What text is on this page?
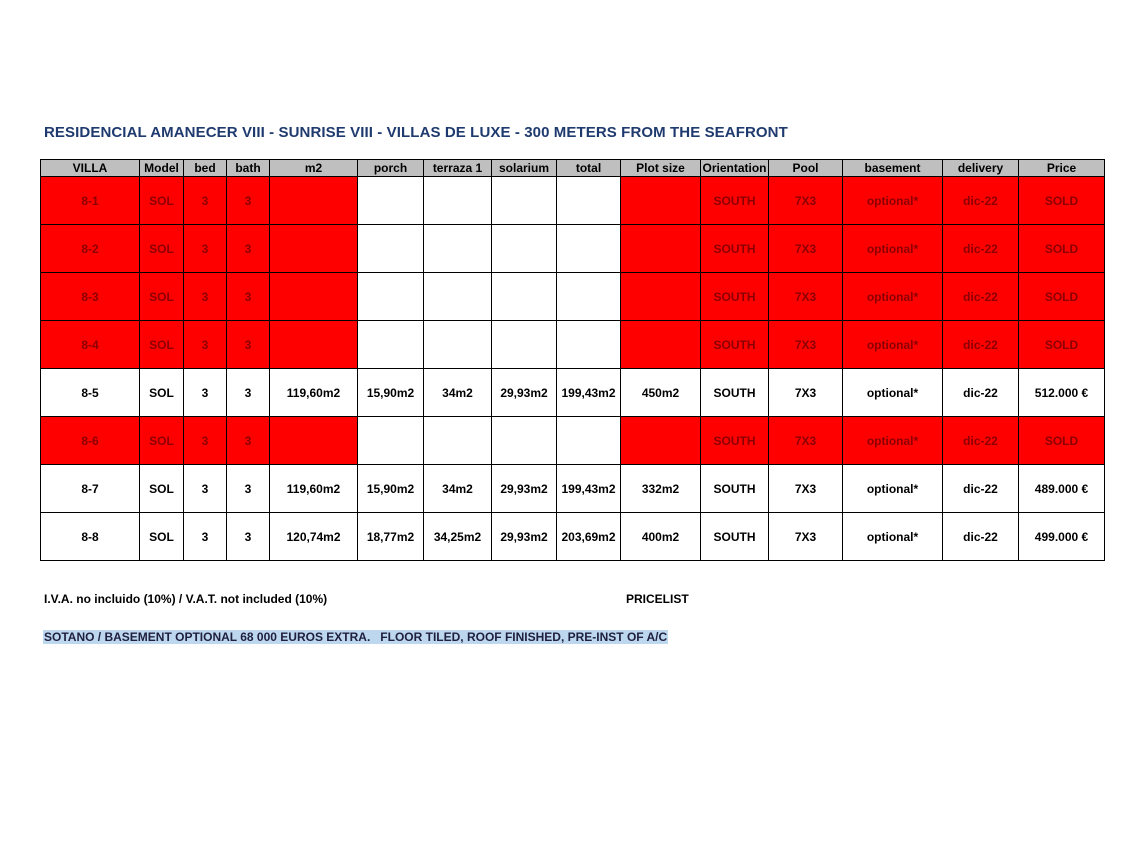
RESIDENCIAL AMANECER VIII - SUNRISE VIII - VILLAS DE LUXE - 300 METERS FROM THE SEAFRONT
VILLA	Model	bed	bath	m2	porch	terraza 1	solarium	total	Plot size	Orientation	Pool	basement	delivery	Price
8-1	SOL	3	3							SOUTH	7X3	optional*	dic-22	SOLD
8-2	SOL	3	3							SOUTH	7X3	optional*	dic-22	SOLD
8-3	SOL	3	3							SOUTH	7X3	optional*	dic-22	SOLD
8-4	SOL	3	3							SOUTH	7X3	optional*	dic-22	SOLD
8-5	SOL	3	3	119,60m2	15,90m2	34m2	29,93m2	199,43m2	450m2	SOUTH	7X3	optional*	dic-22	512.000 €
8-6	SOL	3	3							SOUTH	7X3	optional*	dic-22	SOLD
8-7	SOL	3	3	119,60m2	15,90m2	34m2	29,93m2	199,43m2	332m2	SOUTH	7X3	optional*	dic-22	489.000 €
8-8	SOL	3	3	120,74m2	18,77m2	34,25m2	29,93m2	203,69m2	400m2	SOUTH	7X3	optional*	dic-22	499.000 €
I.V.A. no incluido (10%) / V.A.T. not included (10%)	PRICELIST
SOTANO / BASEMENT OPTIONAL 68 000 EUROS EXTRA.   FLOOR TILED, ROOF FINISHED, PRE-INST OF A/C
